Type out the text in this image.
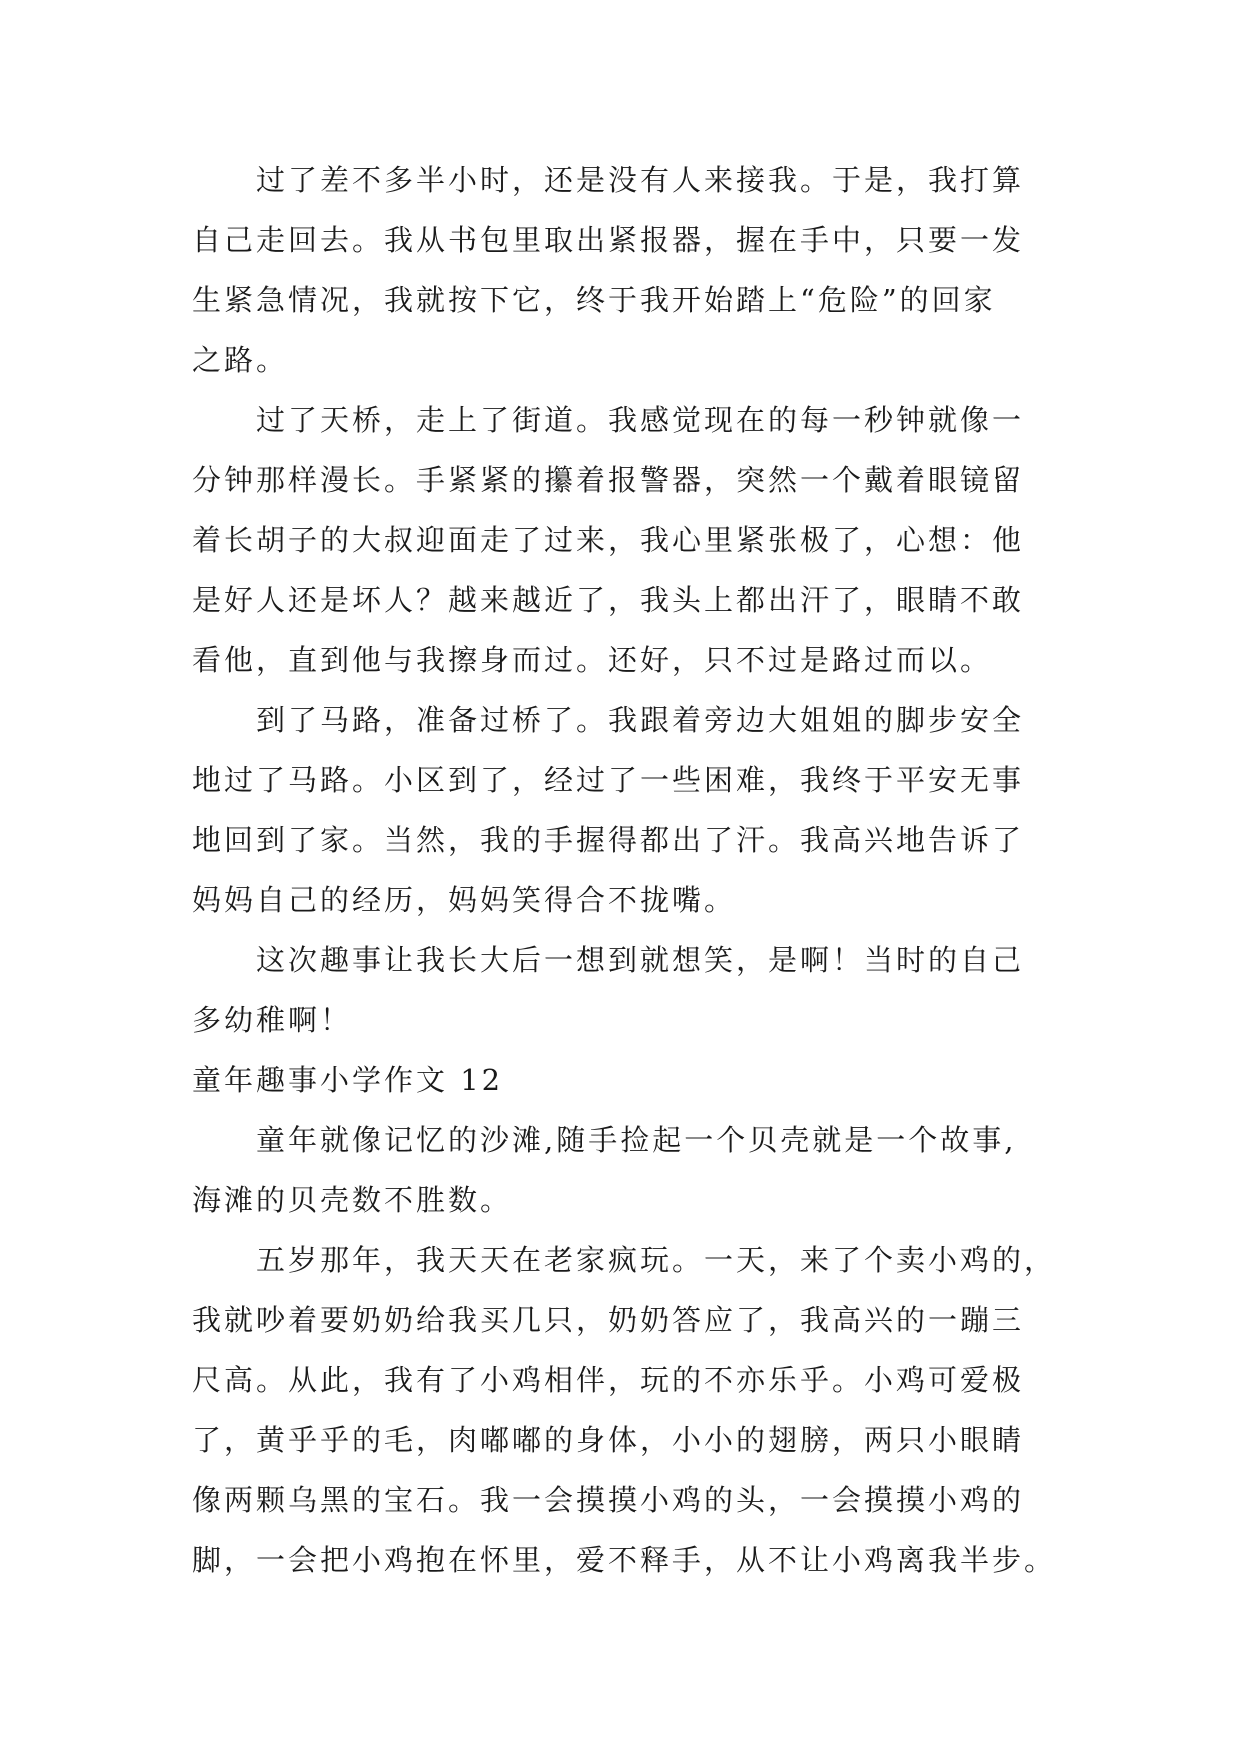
过了差不多半小时，还是没有人来接我。于是，我打算
自己走回去。我从书包里取出紧报器，握在手中，只要一发
生紧急情况，我就按下它，终于我开始踏上“危险”的回家
之路。
过了天桥，走上了街道。我感觉现在的每一秒钟就像一
分钟那样漫长。手紧紧的攥着报警器，突然一个戴着眼镜留
着长胡子的大叔迎面走了过来，我心里紧张极了，心想：他
是好人还是坏人？越来越近了，我头上都出汗了，眼睛不敢
看他，直到他与我擦身而过。还好，只不过是路过而以。
到了马路，准备过桥了。我跟着旁边大姐姐的脚步安全
地过了马路。小区到了，经过了一些困难，我终于平安无事
地回到了家。当然，我的手握得都出了汗。我高兴地告诉了
妈妈自己的经历，妈妈笑得合不拢嘴。
这次趣事让我长大后一想到就想笑，是啊！当时的自己
多幼稚啊！
童年趣事小学作文 12
童年就像记忆的沙滩,随手捡起一个贝壳就是一个故事,
海滩的贝壳数不胜数。
五岁那年，我天天在老家疯玩。一天，来了个卖小鸡的，
我就吵着要奶奶给我买几只，奶奶答应了，我高兴的一蹦三
尺高。从此，我有了小鸡相伴，玩的不亦乐乎。小鸡可爱极
了，黄乎乎的毛，肉嘟嘟的身体，小小的翅膀，两只小眼睛
像两颗乌黑的宝石。我一会摸摸小鸡的头，一会摸摸小鸡的
脚，一会把小鸡抱在怀里，爱不释手，从不让小鸡离我半步。
